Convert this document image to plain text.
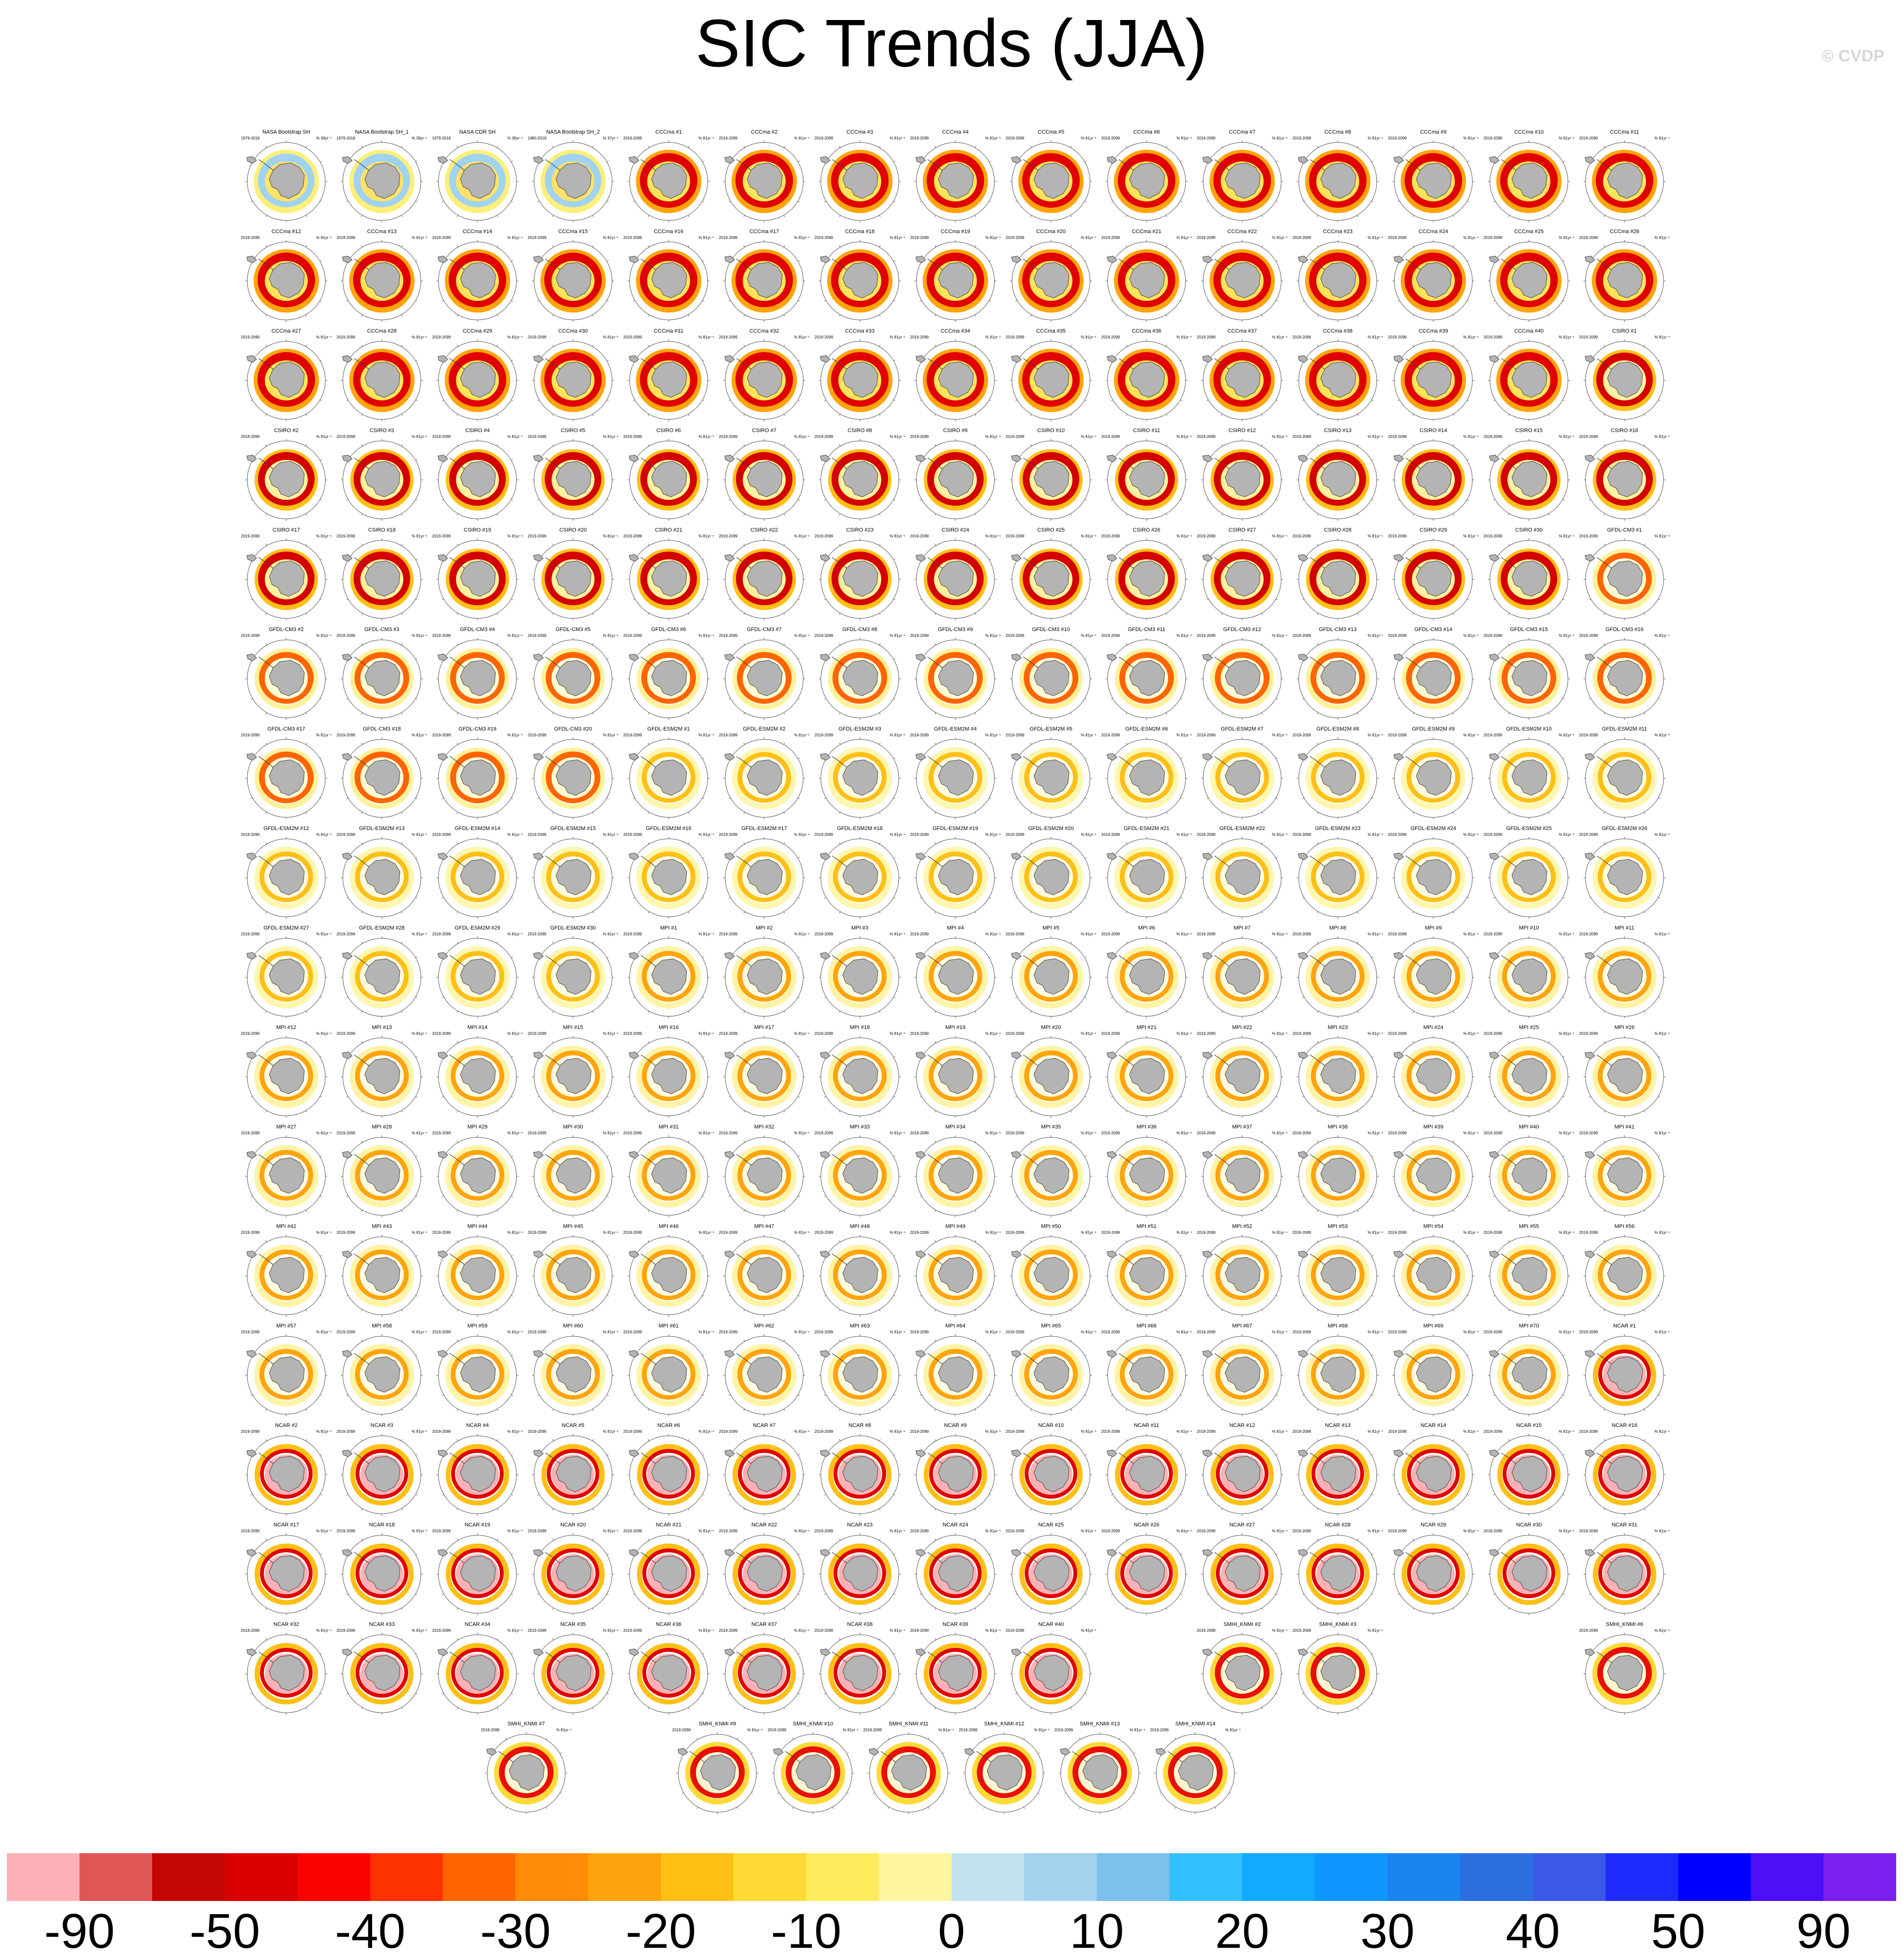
SIC Trends (JJA)	© CVDP
NASA Bootstrap SH
1979-2018	% 39yr⁻¹
NASA Bootstrap SH_1
1979-2018	% 39yr⁻¹
NASA CDR SH
1979-2018	% 39yr⁻¹
NASA Bootstrap SH_2
1980-2018	% 37yr⁻¹
CCCma #1
2019-2099	% 81yr⁻¹
CCCma #2
2019-2099	% 81yr⁻¹
CCCma #3
2019-2099	% 81yr⁻¹
CCCma #4
2019-2099	% 81yr⁻¹
CCCma #5
2019-2099	% 81yr⁻¹
CCCma #6
2019-2099	% 81yr⁻¹
CCCma #7
2019-2099	% 81yr⁻¹
CCCma #8
2019-2099	% 81yr⁻¹
CCCma #9
2019-2099	% 81yr⁻¹
CCCma #10
2019-2099	% 81yr⁻¹
CCCma #11
2019-2099	% 81yr⁻¹
CCCma #12
2019-2099	% 81yr⁻¹
CCCma #13
2019-2099	% 81yr⁻¹
CCCma #14
2019-2099	% 81yr⁻¹
CCCma #15
2019-2099	% 81yr⁻¹
CCCma #16
2019-2099	% 81yr⁻¹
CCCma #17
2019-2099	% 81yr⁻¹
CCCma #18
2019-2099	% 81yr⁻¹
CCCma #19
2019-2099	% 81yr⁻¹
CCCma #20
2019-2099	% 81yr⁻¹
CCCma #21
2019-2099	% 81yr⁻¹
CCCma #22
2019-2099	% 81yr⁻¹
CCCma #23
2019-2099	% 81yr⁻¹
CCCma #24
2019-2099	% 81yr⁻¹
CCCma #25
2019-2099	% 81yr⁻¹
CCCma #26
2019-2099	% 81yr⁻¹
CCCma #27
2019-2099	% 81yr⁻¹
CCCma #28
2019-2099	% 81yr⁻¹
CCCma #29
2019-2099	% 81yr⁻¹
CCCma #30
2019-2099	% 81yr⁻¹
CCCma #31
2019-2099	% 81yr⁻¹
CCCma #32
2019-2099	% 81yr⁻¹
CCCma #33
2019-2099	% 81yr⁻¹
CCCma #34
2019-2099	% 81yr⁻¹
CCCma #35
2019-2099	% 81yr⁻¹
CCCma #36
2019-2099	% 81yr⁻¹
CCCma #37
2019-2099	% 81yr⁻¹
CCCma #38
2019-2099	% 81yr⁻¹
CCCma #39
2019-2099	% 81yr⁻¹
CCCma #40
2019-2099	% 81yr⁻¹
CSIRO #1
2019-2099	% 81yr⁻¹
CSIRO #2
2019-2099	% 81yr⁻¹
CSIRO #3
2019-2099	% 81yr⁻¹
CSIRO #4
2019-2099	% 81yr⁻¹
CSIRO #5
2019-2099	% 81yr⁻¹
CSIRO #6
2019-2099	% 81yr⁻¹
CSIRO #7
2019-2099	% 81yr⁻¹
CSIRO #8
2019-2099	% 81yr⁻¹
CSIRO #9
2019-2099	% 81yr⁻¹
CSIRO #10
2019-2099	% 81yr⁻¹
CSIRO #11
2019-2099	% 81yr⁻¹
CSIRO #12
2019-2099	% 81yr⁻¹
CSIRO #13
2019-2099	% 81yr⁻¹
CSIRO #14
2019-2099	% 81yr⁻¹
CSIRO #15
2019-2099	% 81yr⁻¹
CSIRO #16
2019-2099	% 81yr⁻¹
CSIRO #17
2019-2099	% 81yr⁻¹
CSIRO #18
2019-2099	% 81yr⁻¹
CSIRO #19
2019-2099	% 81yr⁻¹
CSIRO #20
2019-2099	% 81yr⁻¹
CSIRO #21
2019-2099	% 81yr⁻¹
CSIRO #22
2019-2099	% 81yr⁻¹
CSIRO #23
2019-2099	% 81yr⁻¹
CSIRO #24
2019-2099	% 81yr⁻¹
CSIRO #25
2019-2099	% 81yr⁻¹
CSIRO #26
2019-2099	% 81yr⁻¹
CSIRO #27
2019-2099	% 81yr⁻¹
CSIRO #28
2019-2099	% 81yr⁻¹
CSIRO #29
2019-2099	% 81yr⁻¹
CSIRO #30
2019-2099	% 81yr⁻¹
GFDL-CM3 #1
2019-2099	% 81yr⁻¹
GFDL-CM3 #2
2019-2099	% 81yr⁻¹
GFDL-CM3 #3
2019-2099	% 81yr⁻¹
GFDL-CM3 #4
2019-2099	% 81yr⁻¹
GFDL-CM3 #5
2019-2099	% 81yr⁻¹
GFDL-CM3 #6
2019-2099	% 81yr⁻¹
GFDL-CM3 #7
2019-2099	% 81yr⁻¹
GFDL-CM3 #8
2019-2099	% 81yr⁻¹
GFDL-CM3 #9
2019-2099	% 81yr⁻¹
GFDL-CM3 #10
2019-2099	% 81yr⁻¹
GFDL-CM3 #11
2019-2099	% 81yr⁻¹
GFDL-CM3 #12
2019-2099	% 81yr⁻¹
GFDL-CM3 #13
2019-2099	% 81yr⁻¹
GFDL-CM3 #14
2019-2099	% 81yr⁻¹
GFDL-CM3 #15
2019-2099	% 81yr⁻¹
GFDL-CM3 #16
2019-2099	% 81yr⁻¹
GFDL-CM3 #17
2019-2099	% 81yr⁻¹
GFDL-CM3 #18
2019-2099	% 81yr⁻¹
GFDL-CM3 #19
2019-2099	% 81yr⁻¹
GFDL-CM3 #20
2019-2099	% 81yr⁻¹
GFDL-ESM2M #1
2019-2099	% 81yr⁻¹
GFDL-ESM2M #2
2019-2099	% 81yr⁻¹
GFDL-ESM2M #3
2019-2099	% 81yr⁻¹
GFDL-ESM2M #4
2019-2099	% 81yr⁻¹
GFDL-ESM2M #5
2019-2099	% 81yr⁻¹
GFDL-ESM2M #6
2019-2099	% 81yr⁻¹
GFDL-ESM2M #7
2019-2099	% 81yr⁻¹
GFDL-ESM2M #8
2019-2099	% 81yr⁻¹
GFDL-ESM2M #9
2019-2099	% 81yr⁻¹
GFDL-ESM2M #10
2019-2099	% 81yr⁻¹
GFDL-ESM2M #11
2019-2099	% 81yr⁻¹
GFDL-ESM2M #12
2019-2099	% 81yr⁻¹
GFDL-ESM2M #13
2019-2099	% 81yr⁻¹
GFDL-ESM2M #14
2019-2099	% 81yr⁻¹
GFDL-ESM2M #15
2019-2099	% 81yr⁻¹
GFDL-ESM2M #16
2019-2099	% 81yr⁻¹
GFDL-ESM2M #17
2019-2099	% 81yr⁻¹
GFDL-ESM2M #18
2019-2099	% 81yr⁻¹
GFDL-ESM2M #19
2019-2099	% 81yr⁻¹
GFDL-ESM2M #20
2019-2099	% 81yr⁻¹
GFDL-ESM2M #21
2019-2099	% 81yr⁻¹
GFDL-ESM2M #22
2019-2099	% 81yr⁻¹
GFDL-ESM2M #23
2019-2099	% 81yr⁻¹
GFDL-ESM2M #24
2019-2099	% 81yr⁻¹
GFDL-ESM2M #25
2019-2099	% 81yr⁻¹
GFDL-ESM2M #26
2019-2099	% 81yr⁻¹
GFDL-ESM2M #27
2019-2099	% 81yr⁻¹
GFDL-ESM2M #28
2019-2099	% 81yr⁻¹
GFDL-ESM2M #29
2019-2099	% 81yr⁻¹
GFDL-ESM2M #30
2019-2099	% 81yr⁻¹
MPI #1
2019-2099	% 81yr⁻¹
MPI #2
2019-2099	% 81yr⁻¹
MPI #3
2019-2099	% 81yr⁻¹
MPI #4
2019-2099	% 81yr⁻¹
MPI #5
2019-2099	% 81yr⁻¹
MPI #6
2019-2099	% 81yr⁻¹
MPI #7
2019-2099	% 81yr⁻¹
MPI #8
2019-2099	% 81yr⁻¹
MPI #9
2019-2099	% 81yr⁻¹
MPI #10
2019-2099	% 81yr⁻¹
MPI #11
2019-2099	% 81yr⁻¹
MPI #12
2019-2099	% 81yr⁻¹
MPI #13
2019-2099	% 81yr⁻¹
MPI #14
2019-2099	% 81yr⁻¹
MPI #15
2019-2099	% 81yr⁻¹
MPI #16
2019-2099	% 81yr⁻¹
MPI #17
2019-2099	% 81yr⁻¹
MPI #18
2019-2099	% 81yr⁻¹
MPI #19
2019-2099	% 81yr⁻¹
MPI #20
2019-2099	% 81yr⁻¹
MPI #21
2019-2099	% 81yr⁻¹
MPI #22
2019-2099	% 81yr⁻¹
MPI #23
2019-2099	% 81yr⁻¹
MPI #24
2019-2099	% 81yr⁻¹
MPI #25
2019-2099	% 81yr⁻¹
MPI #26
2019-2099	% 81yr⁻¹
MPI #27
2019-2099	% 81yr⁻¹
MPI #28
2019-2099	% 81yr⁻¹
MPI #29
2019-2099	% 81yr⁻¹
MPI #30
2019-2099	% 81yr⁻¹
MPI #31
2019-2099	% 81yr⁻¹
MPI #32
2019-2099	% 81yr⁻¹
MPI #33
2019-2099	% 81yr⁻¹
MPI #34
2019-2099	% 81yr⁻¹
MPI #35
2019-2099	% 81yr⁻¹
MPI #36
2019-2099	% 81yr⁻¹
MPI #37
2019-2099	% 81yr⁻¹
MPI #38
2019-2099	% 81yr⁻¹
MPI #39
2019-2099	% 81yr⁻¹
MPI #40
2019-2099	% 81yr⁻¹
MPI #41
2019-2099	% 81yr⁻¹
MPI #42
2019-2099	% 81yr⁻¹
MPI #43
2019-2099	% 81yr⁻¹
MPI #44
2019-2099	% 81yr⁻¹
MPI #45
2019-2099	% 81yr⁻¹
MPI #46
2019-2099	% 81yr⁻¹
MPI #47
2019-2099	% 81yr⁻¹
MPI #48
2019-2099	% 81yr⁻¹
MPI #49
2019-2099	% 81yr⁻¹
MPI #50
2019-2099	% 81yr⁻¹
MPI #51
2019-2099	% 81yr⁻¹
MPI #52
2019-2099	% 81yr⁻¹
MPI #53
2019-2099	% 81yr⁻¹
MPI #54
2019-2099	% 81yr⁻¹
MPI #55
2019-2099	% 81yr⁻¹
MPI #56
2019-2099	% 81yr⁻¹
MPI #57
2019-2099	% 81yr⁻¹
MPI #58
2019-2099	% 81yr⁻¹
MPI #59
2019-2099	% 81yr⁻¹
MPI #60
2019-2099	% 81yr⁻¹
MPI #61
2019-2099	% 81yr⁻¹
MPI #62
2019-2099	% 81yr⁻¹
MPI #63
2019-2099	% 81yr⁻¹
MPI #64
2019-2099	% 81yr⁻¹
MPI #65
2019-2099	% 81yr⁻¹
MPI #66
2019-2099	% 81yr⁻¹
MPI #67
2019-2099	% 81yr⁻¹
MPI #68
2019-2099	% 81yr⁻¹
MPI #69
2019-2099	% 81yr⁻¹
MPI #70
2019-2099	% 81yr⁻¹
NCAR #1
2019-2099	% 81yr⁻¹
NCAR #2
2019-2099	% 81yr⁻¹
NCAR #3
2019-2099	% 81yr⁻¹
NCAR #4
2019-2099	% 81yr⁻¹
NCAR #5
2019-2099	% 81yr⁻¹
NCAR #6
2019-2099	% 81yr⁻¹
NCAR #7
2019-2099	% 81yr⁻¹
NCAR #8
2019-2099	% 81yr⁻¹
NCAR #9
2019-2099	% 81yr⁻¹
NCAR #10
2019-2099	% 81yr⁻¹
NCAR #11
2019-2099	% 81yr⁻¹
NCAR #12
2019-2099	% 81yr⁻¹
NCAR #13
2019-2099	% 81yr⁻¹
NCAR #14
2019-2099	% 81yr⁻¹
NCAR #15
2019-2099	% 81yr⁻¹
NCAR #16
2019-2099	% 81yr⁻¹
NCAR #17
2019-2099	% 81yr⁻¹
NCAR #18
2019-2099	% 81yr⁻¹
NCAR #19
2019-2099	% 81yr⁻¹
NCAR #20
2019-2099	% 81yr⁻¹
NCAR #21
2019-2099	% 81yr⁻¹
NCAR #22
2019-2099	% 81yr⁻¹
NCAR #23
2019-2099	% 81yr⁻¹
NCAR #24
2019-2099	% 81yr⁻¹
NCAR #25
2019-2099	% 81yr⁻¹
NCAR #26
2019-2099	% 81yr⁻¹
NCAR #27
2019-2099	% 81yr⁻¹
NCAR #28
2019-2099	% 81yr⁻¹
NCAR #29
2019-2099	% 81yr⁻¹
NCAR #30
2019-2099	% 81yr⁻¹
NCAR #31
2019-2099	% 81yr⁻¹
NCAR #32
2019-2099	% 81yr⁻¹
NCAR #33
2019-2099	% 81yr⁻¹
NCAR #34
2019-2099	% 81yr⁻¹
NCAR #35
2019-2099	% 81yr⁻¹
NCAR #36
2019-2099	% 81yr⁻¹
NCAR #37
2019-2099	% 81yr⁻¹
NCAR #38
2019-2099	% 81yr⁻¹
NCAR #39
2019-2099	% 81yr⁻¹
NCAR #40
2019-2099	% 81yr⁻¹
SMHI_KNMI #2
2019-2099	% 81yr⁻¹
SMHI_KNMI #3
2019-2099	% 81yr⁻¹
SMHI_KNMI #6
2019-2099	% 81yr⁻¹
SMHI_KNMI #7
2019-2099	% 81yr⁻¹
SMHI_KNMI #9
2019-2099	% 81yr⁻¹
SMHI_KNMI #10
2019-2099	% 81yr⁻¹
SMHI_KNMI #11
2019-2099	% 81yr⁻¹
SMHI_KNMI #12
2019-2099	% 81yr⁻¹
SMHI_KNMI #13
2019-2099	% 81yr⁻¹
SMHI_KNMI #14
2019-2099	% 81yr⁻¹
-90 -50 -40 -30 -20 -10 0 10 20 30 40 50 90
